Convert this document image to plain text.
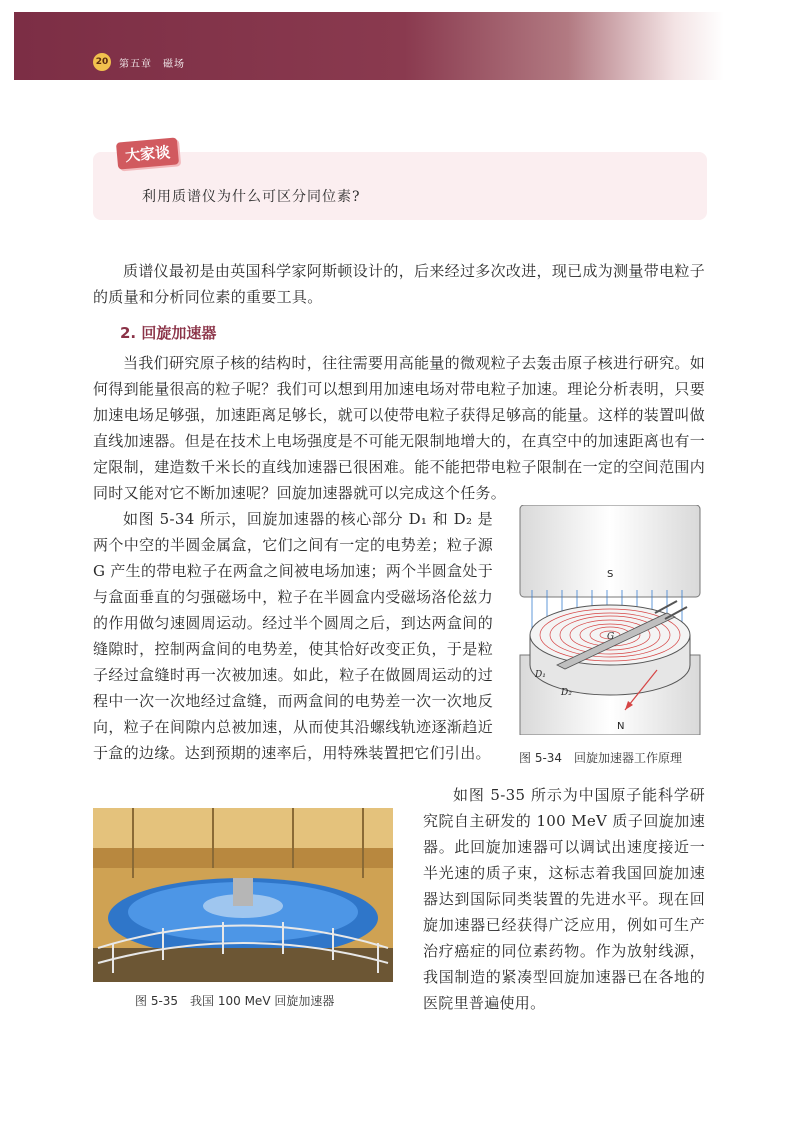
20 第五章　磁场
大家谈
利用质谱仪为什么可区分同位素?

质谱仪最初是由英国科学家阿斯顿设计的，后来经过多次改进，现已成为测量带电粒子的质量和分析同位素的重要工具。

2. 回旋加速器

当我们研究原子核的结构时，往往需要用高能量的微观粒子去轰击原子核进行研究。如何得到能量很高的粒子呢？我们可以想到用加速电场对带电粒子加速。理论分析表明，只要加速电场足够强，加速距离足够长，就可以使带电粒子获得足够高的能量。这样的装置叫做直线加速器。但是在技术上电场强度是不可能无限制地增大的，在真空中的加速距离也有一定限制，建造数千米长的直线加速器已很困难。能不能把带电粒子限制在一定的空间范围内同时又能对它不断加速呢？回旋加速器就可以完成这个任务。

如图 5-34 所示，回旋加速器的核心部分 D₁ 和 D₂ 是两个中空的半圆金属盒，它们之间有一定的电势差；粒子源 G 产生的带电粒子在两盒之间被电场加速；两个半圆盒处于与盒面垂直的匀强磁场中，粒子在半圆盒内受磁场洛伦兹力的作用做匀速圆周运动。经过半个圆周之后，到达两盒间的缝隙时，控制两盒间的电势差，使其恰好改变正负，于是粒子经过盒缝时再一次被加速。如此，粒子在做圆周运动的过程中一次一次地经过盒缝，而两盒间的电势差一次一次地反向，粒子在间隙内总被加速，从而使其沿螺线轨迹逐渐趋近于盒的边缘。达到预期的速率后，用特殊装置把它们引出。

S
N
G
D₁
D₂
图 5-34　回旋加速器工作原理
图 5-35　我国 100 MeV 回旋加速器

如图 5-35 所示为中国原子能科学研究院自主研发的 100 MeV 质子回旋加速器。此回旋加速器可以调试出速度接近一半光速的质子束，这标志着我国回旋加速器达到国际同类装置的先进水平。现在回旋加速器已经获得广泛应用，例如可生产治疗癌症的同位素药物。作为放射线源，我国制造的紧凑型回旋加速器已在各地的医院里普遍使用。
